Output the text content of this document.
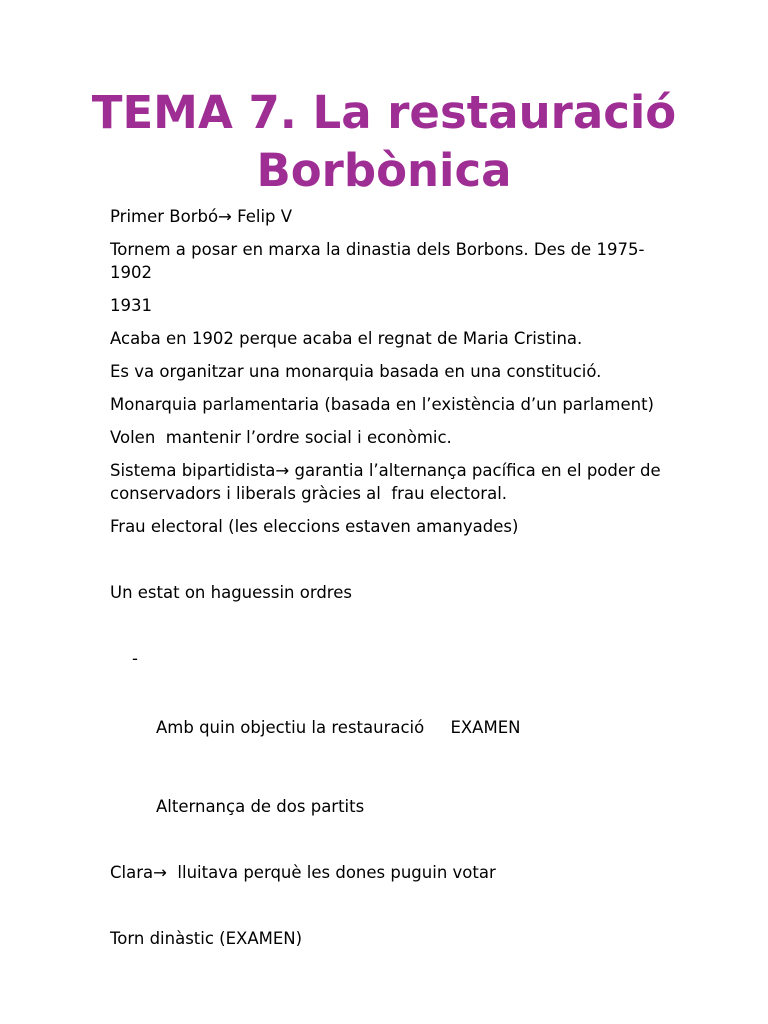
TEMA 7. La restauració
Borbònica

Primer Borbó→ Felip V

Tornem a posar en marxa la dinastia dels Borbons. Des de 1975-1902

1931

Acaba en 1902 perque acaba el regnat de Maria Cristina.

Es va organitzar una monarquia basada en una constitució.

Monarquia parlamentaria (basada en l’existència d’un parlament)

Volen  mantenir l’ordre social i econòmic.

Sistema bipartidista→ garantia l’alternança pacífica en el poder de conservadors i liberals gràcies al  frau electoral.

Frau electoral (les eleccions estaven amanyades)

Un estat on haguessin ordres

-

Amb quin objectiu la restauració     EXAMEN

Alternança de dos partits

Clara→  lluitava perquè les dones puguin votar

Torn dinàstic (EXAMEN)
